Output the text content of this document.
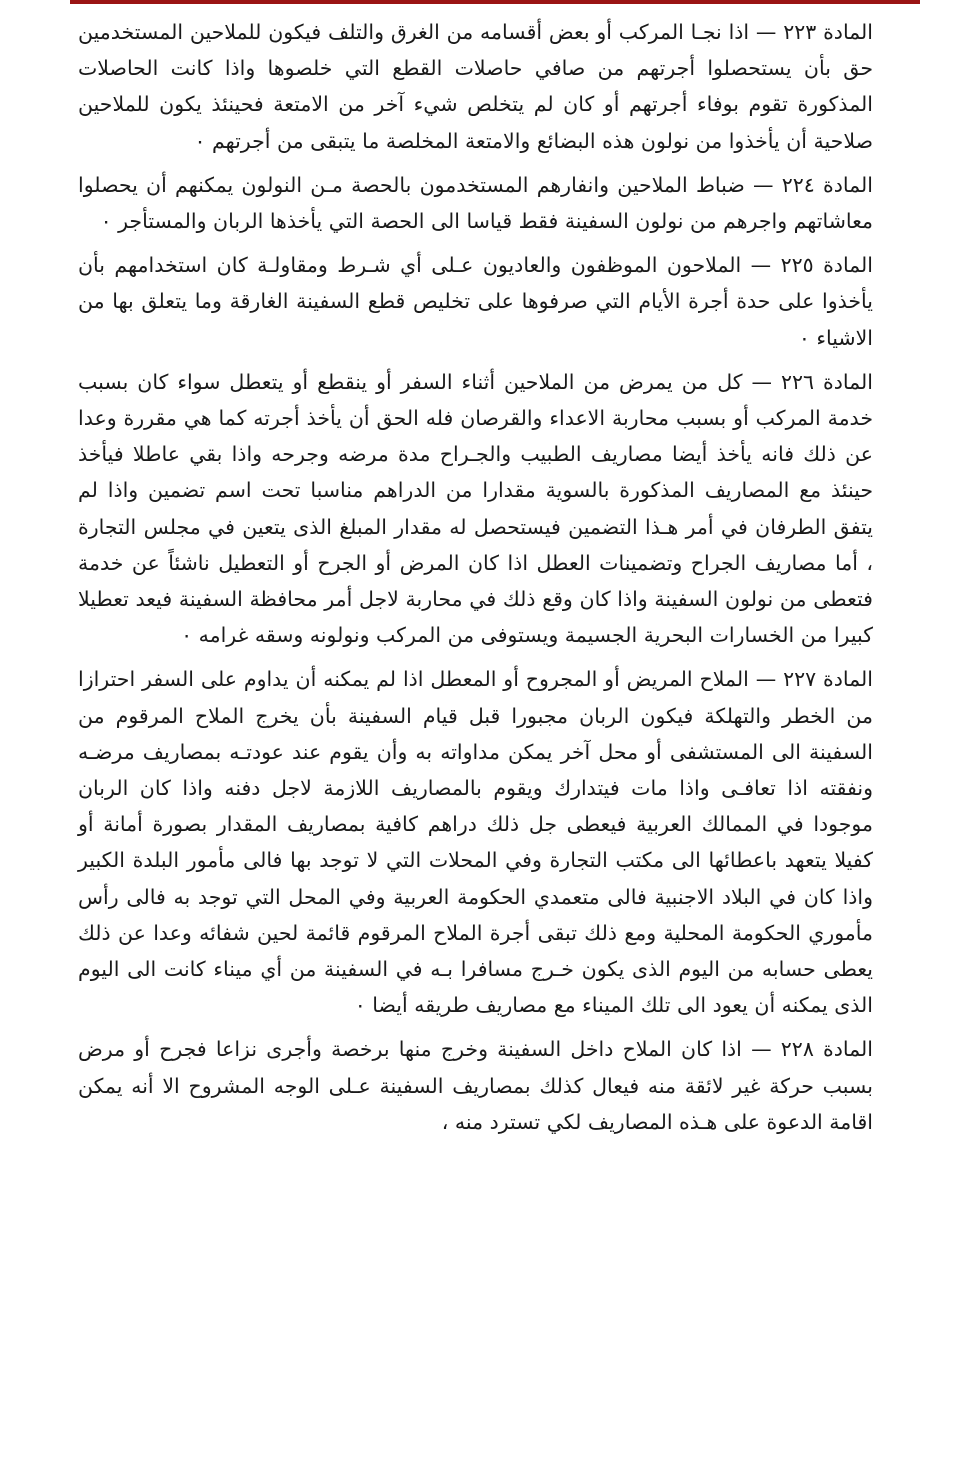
المادة ٢٢٣ — اذا نجـا المركب أو بعض أقسامه من الغرق والتلف فيكون للملاحين المستخدمين حق بأن يستحصلوا أجرتهم من صافي حاصلات القطع التي خلصوها واذا كانت الحاصلات المذكورة تقوم بوفاء أجرتهم أو كان لم يتخلص شيء آخر من الامتعة فحينئذ يكون للملاحين صلاحية أن يأخذوا من نولون هذه البضائع والامتعة المخلصة ما يتبقى من أجرتهم ٠
المادة ٢٢٤ — ضباط الملاحين وانفارهم المستخدمون بالحصة مـن النولون يمكنهم أن يحصلوا معاشاتهم واجرهم من نولون السفينة فقط قياسا الى الحصة التي يأخذها الربان والمستأجر ٠
المادة ٢٢٥ — الملاحون الموظفون والعاديون عـلى أي شـرط ومقاولـة كان استخدامهم بأن يأخذوا على حدة أجرة الأيام التي صرفوها على تخليص قطع السفينة الغارقة وما يتعلق بها من الاشياء ٠
المادة ٢٢٦ — كل من يمرض من الملاحين أثناء السفر أو ينقطع أو يتعطل سواء كان بسبب خدمة المركب أو بسبب محاربة الاعداء والقرصان فله الحق أن يأخذ أجرته كما هي مقررة وعدا عن ذلك فانه يأخذ أيضا مصاريف الطبيب والجـراح مدة مرضه وجرحه واذا بقي عاطلا فيأخذ حينئذ مع المصاريف المذكورة بالسوية مقدارا من الدراهم مناسبا تحت اسم تضمين واذا لم يتفق الطرفان في أمر هـذا التضمين فيستحصل له مقدار المبلغ الذى يتعين في مجلس التجارة ، أما مصاريف الجراح وتضمينات العطل اذا كان المرض أو الجرح أو التعطيل ناشئاً عن خدمة فتعطى من نولون السفينة واذا كان وقع ذلك في محاربة لاجل أمر محافظة السفينة فيعد تعطيلا كبيرا من الخسارات البحرية الجسيمة ويستوفى من المركب ونولونه وسقه غرامه ٠
المادة ٢٢٧ — الملاح المريض أو المجروح أو المعطل اذا لم يمكنه أن يداوم على السفر احترازا من الخطر والتهلكة فيكون الربان مجبورا قبل قيام السفينة بأن يخرج الملاح المرقوم من السفينة الى المستشفى أو محل آخر يمكن مداواته به وأن يقوم عند عودتـه بمصاريف مرضـه ونفقته اذا تعافـى واذا مات فيتدارك ويقوم بالمصاريف اللازمة لاجل دفنه واذا كان الربان موجودا في الممالك العربية فيعطى جل ذلك دراهم كافية بمصاريف المقدار بصورة أمانة أو كفيلا يتعهد باعطائها الى مكتب التجارة وفي المحلات التي لا توجد بها فالى مأمور البلدة الكبير واذا كان في البلاد الاجنبية فالى متعمدي الحكومة العربية وفي المحل التي توجد به فالى رأس مأموري الحكومة المحلية ومع ذلك تبقى أجرة الملاح المرقوم قائمة لحين شفائه وعدا عن ذلك يعطى حسابه من اليوم الذى يكون خـرج مسافرا بـه في السفينة من أي ميناء كانت الى اليوم الذى يمكنه أن يعود الى تلك الميناء مع مصاريف طريقه أيضا ٠
المادة ٢٢٨ — اذا كان الملاح داخل السفينة وخرج منها برخصة وأجرى نزاعا فجرح أو مرض بسبب حركة غير لائقة منه فيعال كذلك بمصاريف السفينة عـلى الوجه المشروح الا أنه يمكن اقامة الدعوة على هـذه المصاريف لكي تسترد منه ،
